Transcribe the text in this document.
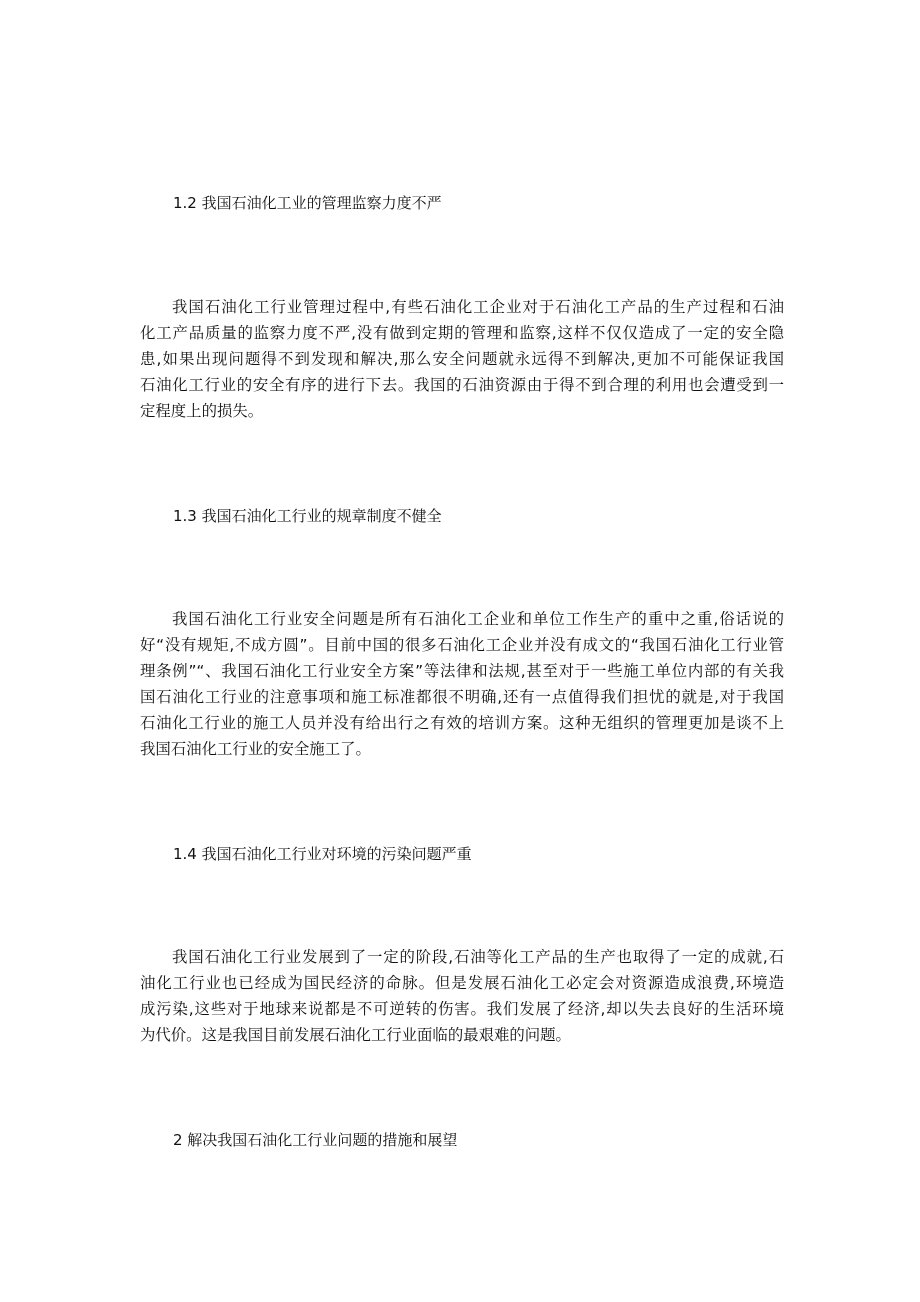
1.2 我国石油化工业的管理监察力度不严
我国石油化工行业管理过程中,有些石油化工企业对于石油化工产品的生产过程和石油
化工产品质量的监察力度不严,没有做到定期的管理和监察,这样不仅仅造成了一定的安全隐
患,如果出现问题得不到发现和解决,那么安全问题就永远得不到解决,更加不可能保证我国
石油化工行业的安全有序的进行下去。我国的石油资源由于得不到合理的利用也会遭受到一
定程度上的损失。
1.3 我国石油化工行业的规章制度不健全
我国石油化工行业安全问题是所有石油化工企业和单位工作生产的重中之重,俗话说的
好“没有规矩,不成方圆”。目前中国的很多石油化工企业并没有成文的“我国石油化工行业管
理条例”“、我国石油化工行业安全方案”等法律和法规,甚至对于一些施工单位内部的有关我
国石油化工行业的注意事项和施工标准都很不明确,还有一点值得我们担忧的就是,对于我国
石油化工行业的施工人员并没有给出行之有效的培训方案。这种无组织的管理更加是谈不上
我国石油化工行业的安全施工了。
1.4 我国石油化工行业对环境的污染问题严重
我国石油化工行业发展到了一定的阶段,石油等化工产品的生产也取得了一定的成就,石
油化工行业也已经成为国民经济的命脉。但是发展石油化工必定会对资源造成浪费,环境造
成污染,这些对于地球来说都是不可逆转的伤害。我们发展了经济,却以失去良好的生活环境
为代价。这是我国目前发展石油化工行业面临的最艰难的问题。
2 解决我国石油化工行业问题的措施和展望
